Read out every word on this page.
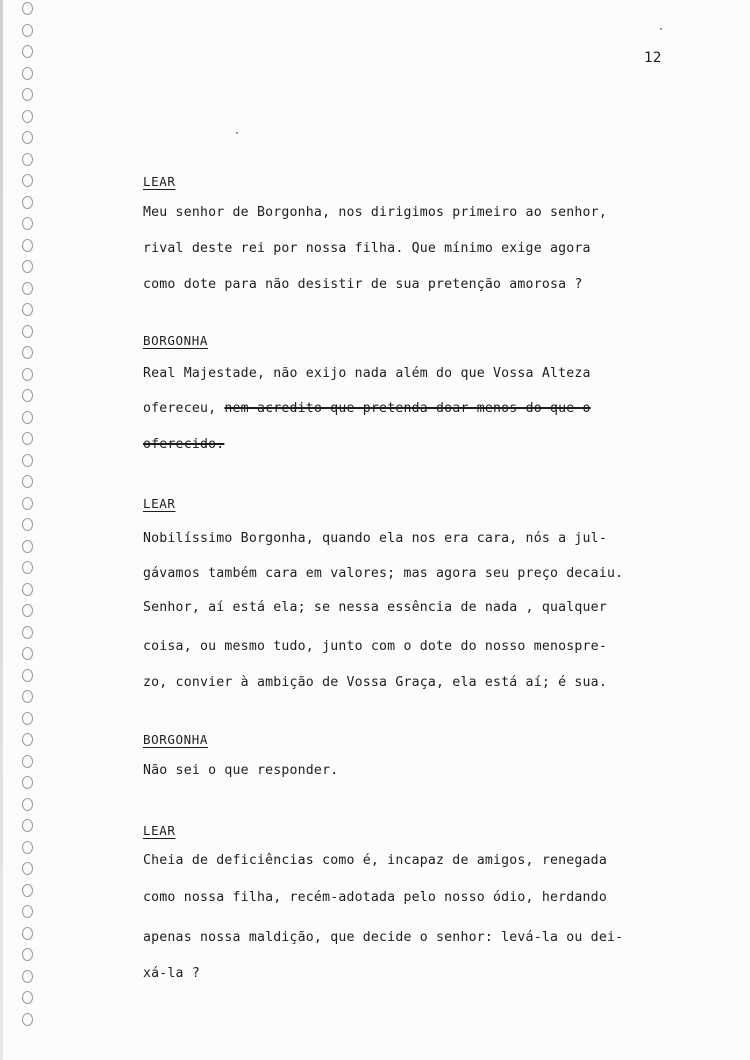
12
LEAR
Meu senhor de Borgonha, nos dirigimos primeiro ao senhor,
rival deste rei por nossa filha. Que mínimo exige agora
como dote para não desistir de sua pretenção amorosa ?
BORGONHA
Real Majestade, não exijo nada além do que Vossa Alteza
ofereceu, nem acredito que pretenda doar menos do que o
oferecido.
LEAR
Nobilíssimo Borgonha, quando ela nos era cara, nós a jul-
gávamos também cara em valores; mas agora seu preço decaiu.
Senhor, aí está ela; se nessa essência de nada , qualquer
coisa, ou mesmo tudo, junto com o dote do nosso menospre-
zo, convier à ambição de Vossa Graça, ela está aí; é sua.
BORGONHA
Não sei o que responder.
LEAR
Cheia de deficiências como é, incapaz de amigos, renegada
como nossa filha, recém-adotada pelo nosso ódio, herdando
apenas nossa maldição, que decide o senhor: levá-la ou dei-
xá-la ?
